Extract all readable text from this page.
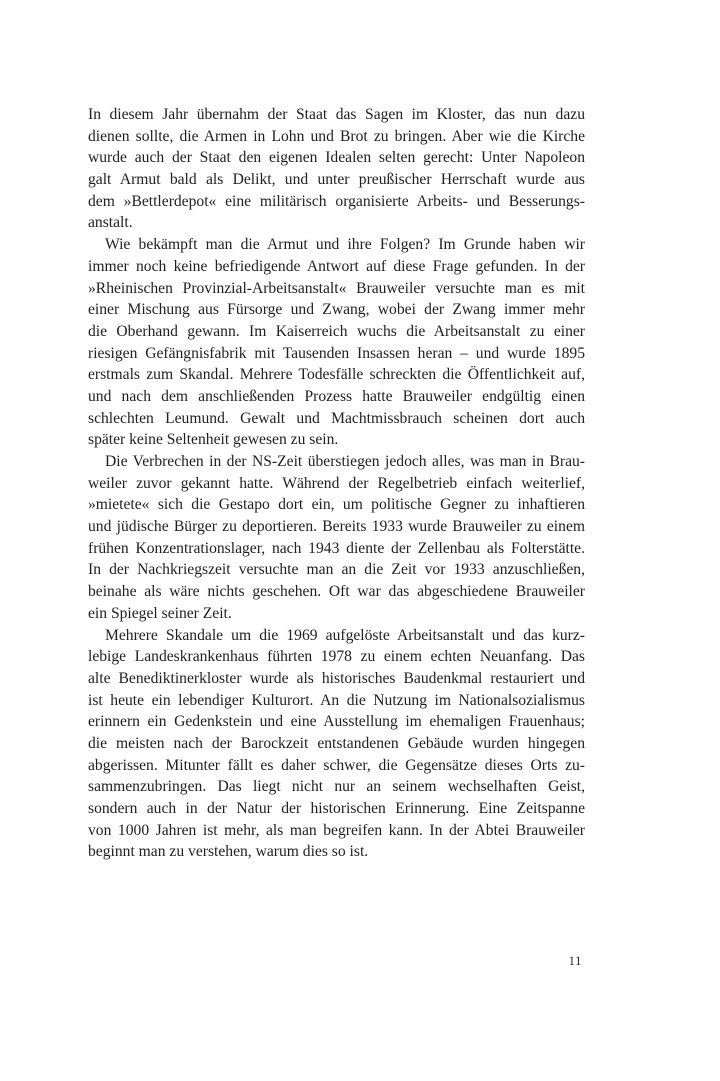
In diesem Jahr übernahm der Staat das Sagen im Kloster, das nun dazu
dienen sollte, die Armen in Lohn und Brot zu bringen. Aber wie die Kirche
wurde auch der Staat den eigenen Idealen selten gerecht: Unter Napoleon
galt Armut bald als Delikt, und unter preußischer Herrschaft wurde aus
dem »Bettlerdepot« eine militärisch organisierte Arbeits- und Besserungs-
anstalt.
Wie bekämpft man die Armut und ihre Folgen? Im Grunde haben wir
immer noch keine befriedigende Antwort auf diese Frage gefunden. In der
»Rheinischen Provinzial-Arbeitsanstalt« Brauweiler versuchte man es mit
einer Mischung aus Fürsorge und Zwang, wobei der Zwang immer mehr
die Oberhand gewann. Im Kaiserreich wuchs die Arbeitsanstalt zu einer
riesigen Gefängnisfabrik mit Tausenden Insassen heran – und wurde 1895
erstmals zum Skandal. Mehrere Todesfälle schreckten die Öffentlichkeit auf,
und nach dem anschließenden Prozess hatte Brauweiler endgültig einen
schlechten Leumund. Gewalt und Machtmissbrauch scheinen dort auch
später keine Seltenheit gewesen zu sein.
Die Verbrechen in der NS-Zeit überstiegen jedoch alles, was man in Brau-
weiler zuvor gekannt hatte. Während der Regelbetrieb einfach weiterlief,
»mietete« sich die Gestapo dort ein, um politische Gegner zu inhaftieren
und jüdische Bürger zu deportieren. Bereits 1933 wurde Brauweiler zu einem
frühen Konzentrationslager, nach 1943 diente der Zellenbau als Folterstätte.
In der Nachkriegszeit versuchte man an die Zeit vor 1933 anzuschließen,
beinahe als wäre nichts geschehen. Oft war das abgeschiedene Brauweiler
ein Spiegel seiner Zeit.
Mehrere Skandale um die 1969 aufgelöste Arbeitsanstalt und das kurz-
lebige Landeskrankenhaus führten 1978 zu einem echten Neuanfang. Das
alte Benediktinerkloster wurde als historisches Baudenkmal restauriert und
ist heute ein lebendiger Kulturort. An die Nutzung im Nationalsozialismus
erinnern ein Gedenkstein und eine Ausstellung im ehemaligen Frauenhaus;
die meisten nach der Barockzeit entstandenen Gebäude wurden hingegen
abgerissen. Mitunter fällt es daher schwer, die Gegensätze dieses Orts zu-
sammenzubringen. Das liegt nicht nur an seinem wechselhaften Geist,
sondern auch in der Natur der historischen Erinnerung. Eine Zeitspanne
von 1000 Jahren ist mehr, als man begreifen kann. In der Abtei Brauweiler
beginnt man zu verstehen, warum dies so ist.
11
